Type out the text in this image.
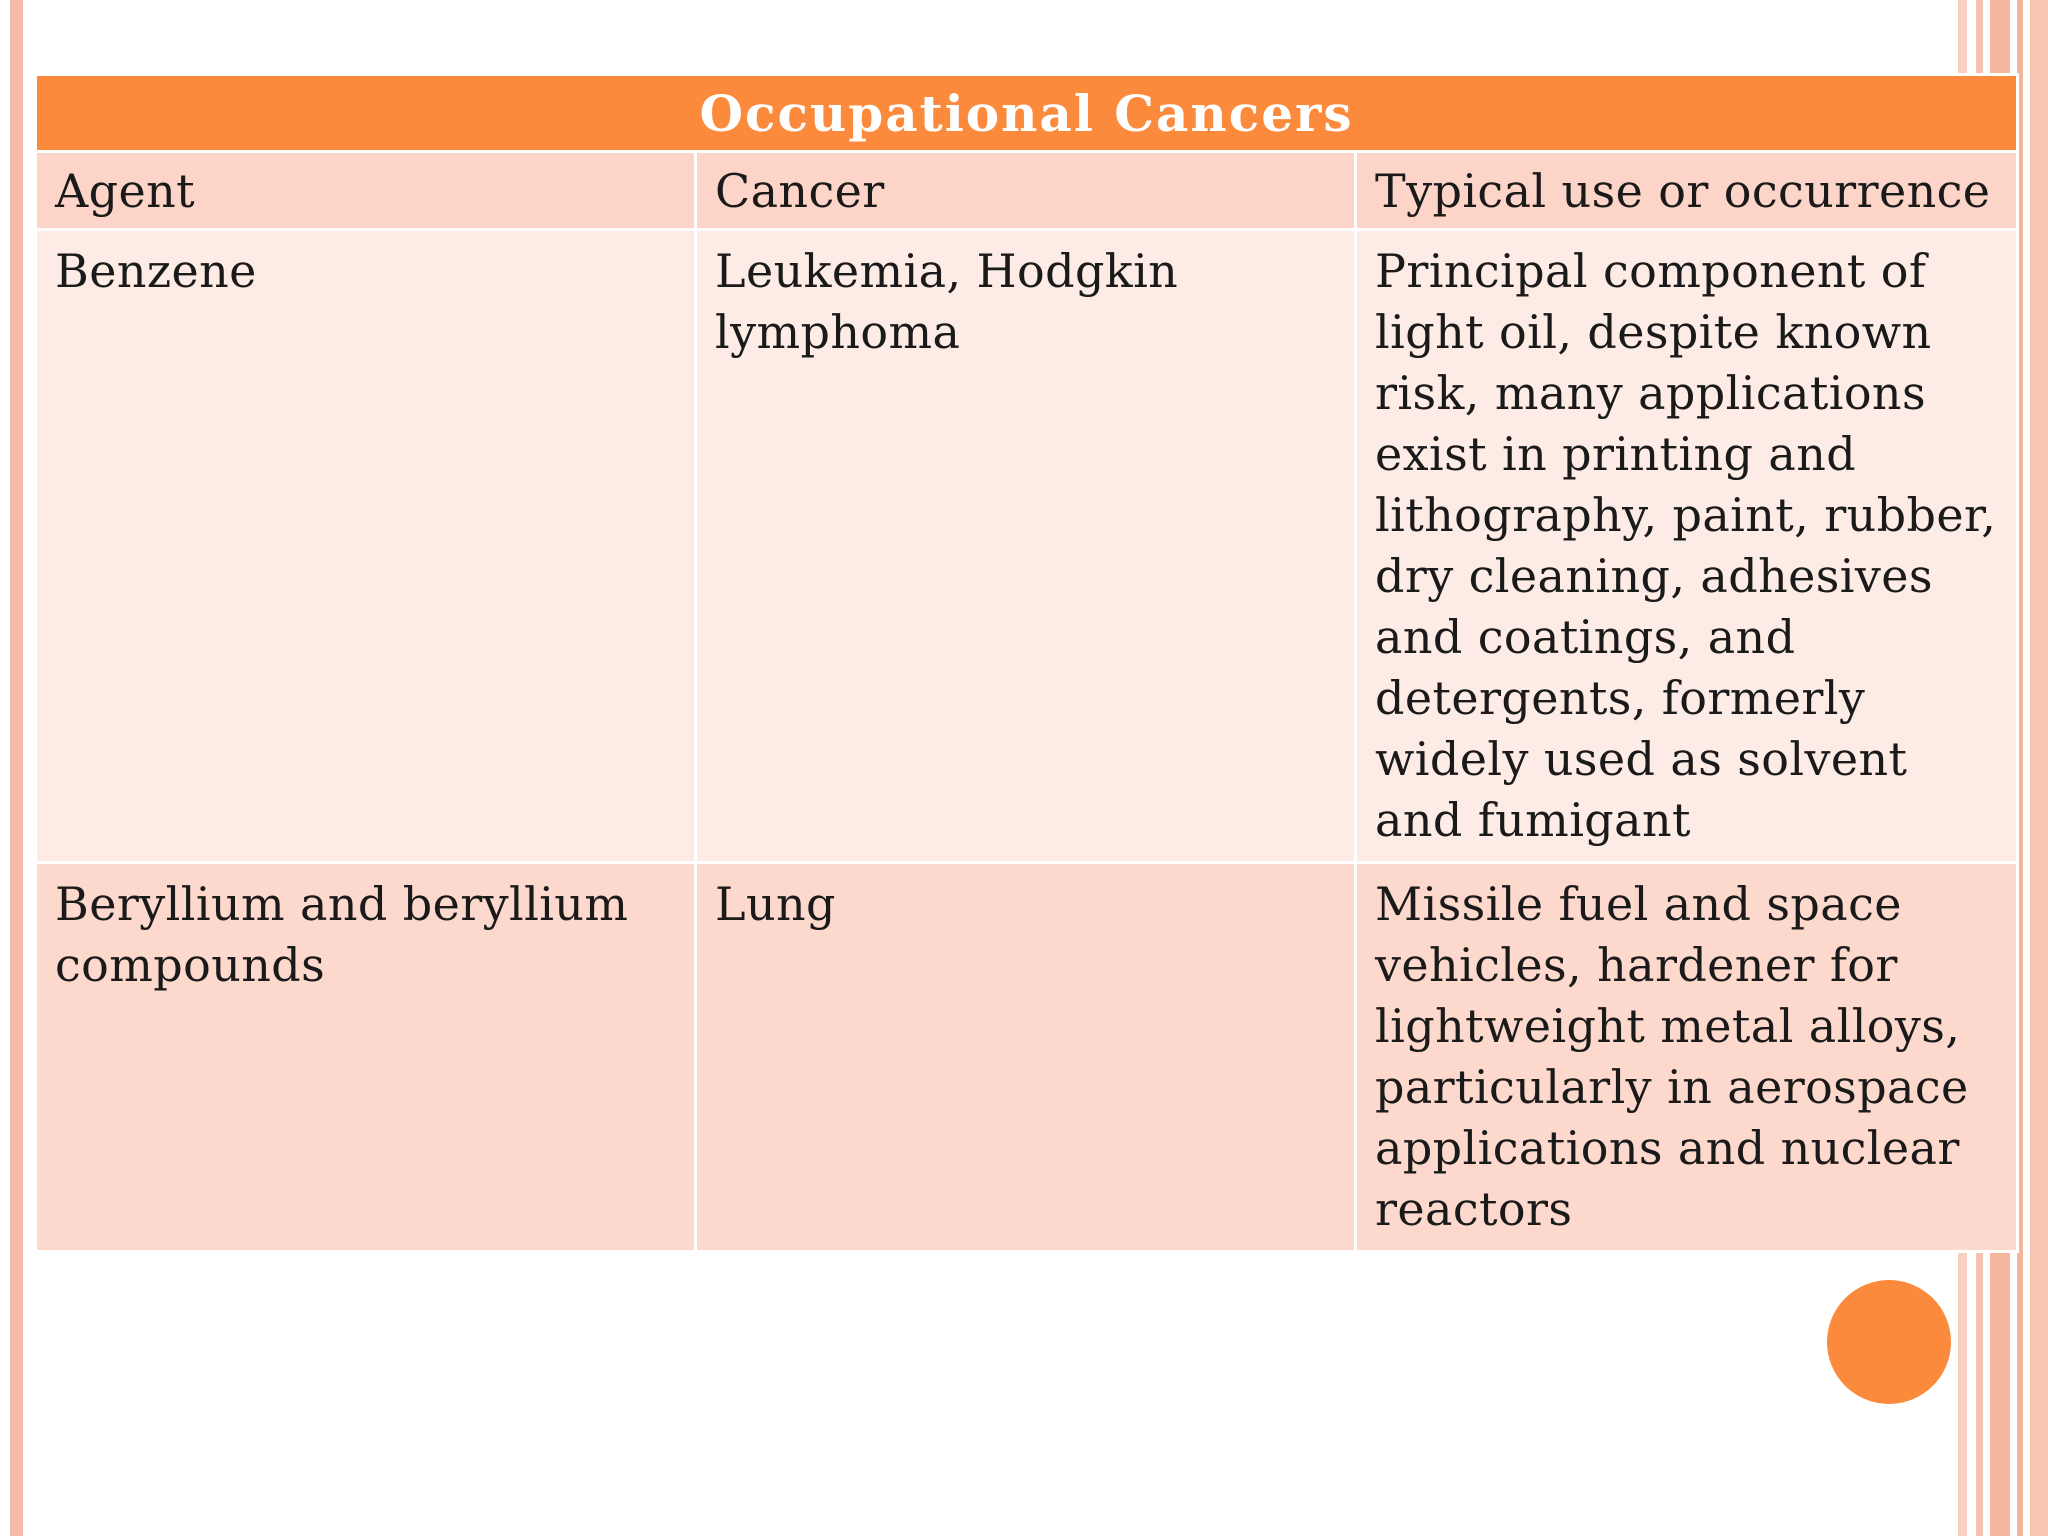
Occupational Cancers		
Agent	Cancer	Typical use or occurrence
Benzene	Leukemia, Hodgkin lymphoma	Principal component of light oil, despite known risk, many applications exist in printing and lithography, paint, rubber, dry cleaning, adhesives and coatings, and detergents, formerly widely used as solvent and fumigant
Beryllium and beryllium compounds	Lung	Missile fuel and space vehicles, hardener for lightweight metal alloys, particularly in aerospace applications and nuclear reactors
